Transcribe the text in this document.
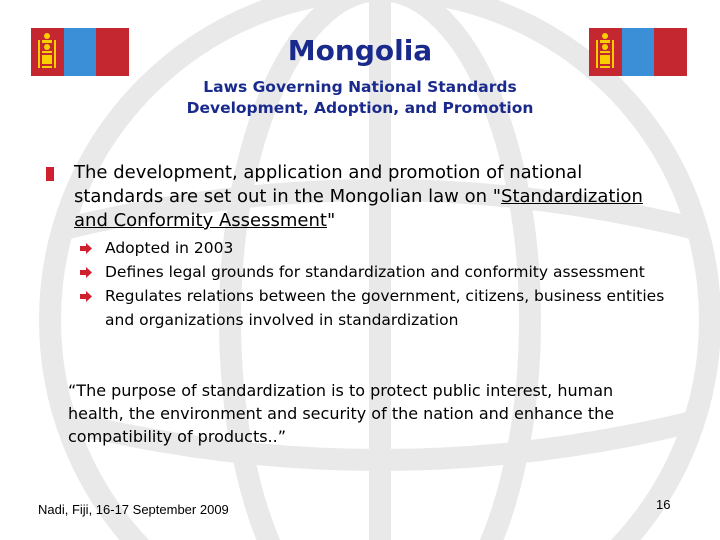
Mongolia
Laws Governing National Standards
Development, Adoption, and Promotion
The development, application and promotion of national standards are set out in the Mongolian law on "Standardization and Conformity Assessment"
Adopted in 2003
Defines legal grounds for standardization and conformity assessment
Regulates relations between the government, citizens, business entities and organizations involved in standardization
“The purpose of standardization is to protect public interest, human health, the environment and security of the nation and enhance the compatibility of products..”
Nadi, Fiji, 16-17 September 2009	16
